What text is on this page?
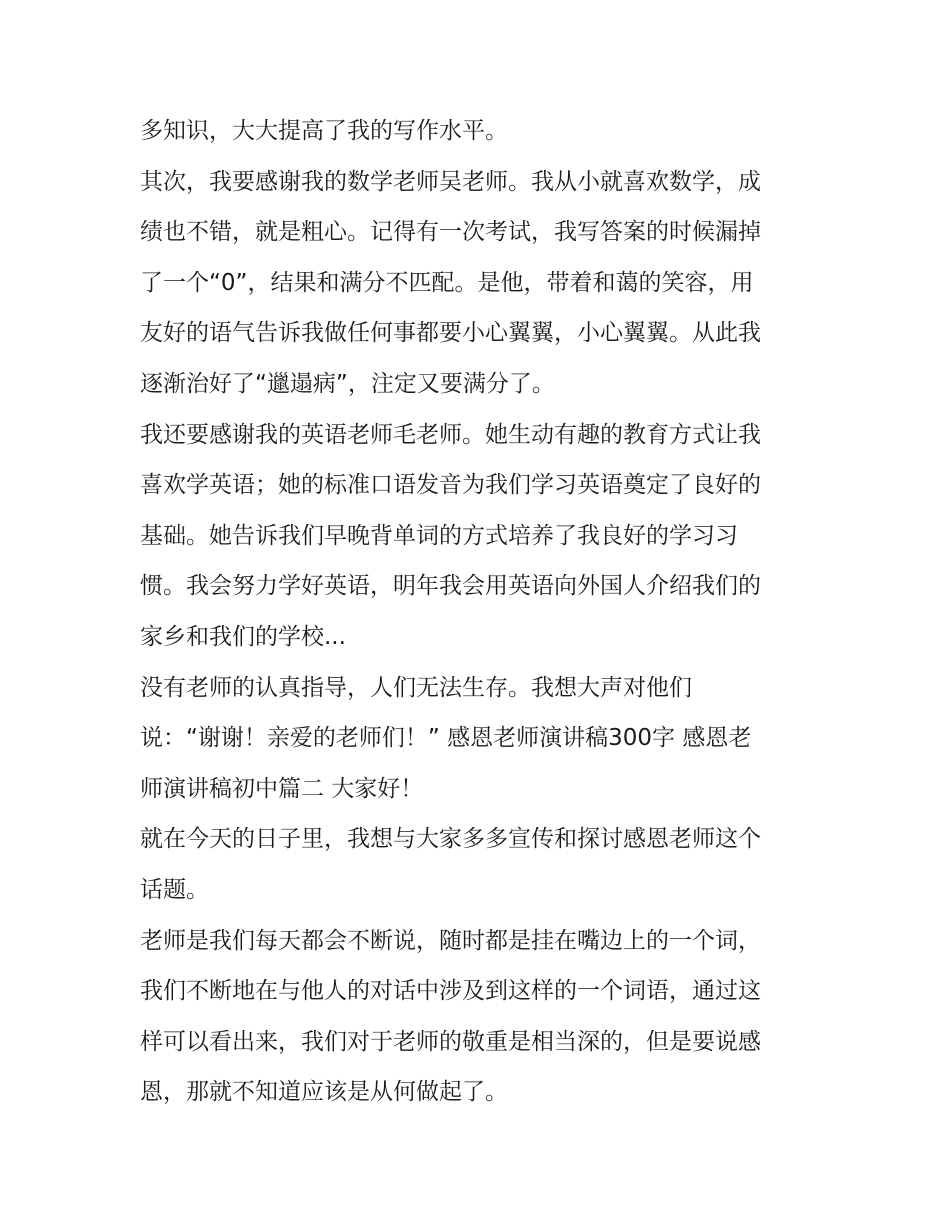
多知识，大大提高了我的写作水平。
其次，我要感谢我的数学老师吴老师。我从小就喜欢数学，成
绩也不错，就是粗心。记得有一次考试，我写答案的时候漏掉
了一个“0”，结果和满分不匹配。是他，带着和蔼的笑容，用
友好的语气告诉我做任何事都要小心翼翼，小心翼翼。从此我
逐渐治好了“邋遢病”，注定又要满分了。
我还要感谢我的英语老师毛老师。她生动有趣的教育方式让我
喜欢学英语；她的标准口语发音为我们学习英语奠定了良好的
基础。她告诉我们早晚背单词的方式培养了我良好的学习习
惯。我会努力学好英语，明年我会用英语向外国人介绍我们的
家乡和我们的学校...
没有老师的认真指导，人们无法生存。我想大声对他们
说：“谢谢！亲爱的老师们！” 感恩老师演讲稿300字 感恩老
师演讲稿初中篇二 大家好！
就在今天的日子里，我想与大家多多宣传和探讨感恩老师这个
话题。
老师是我们每天都会不断说，随时都是挂在嘴边上的一个词，
我们不断地在与他人的对话中涉及到这样的一个词语，通过这
样可以看出来，我们对于老师的敬重是相当深的，但是要说感
恩，那就不知道应该是从何做起了。
